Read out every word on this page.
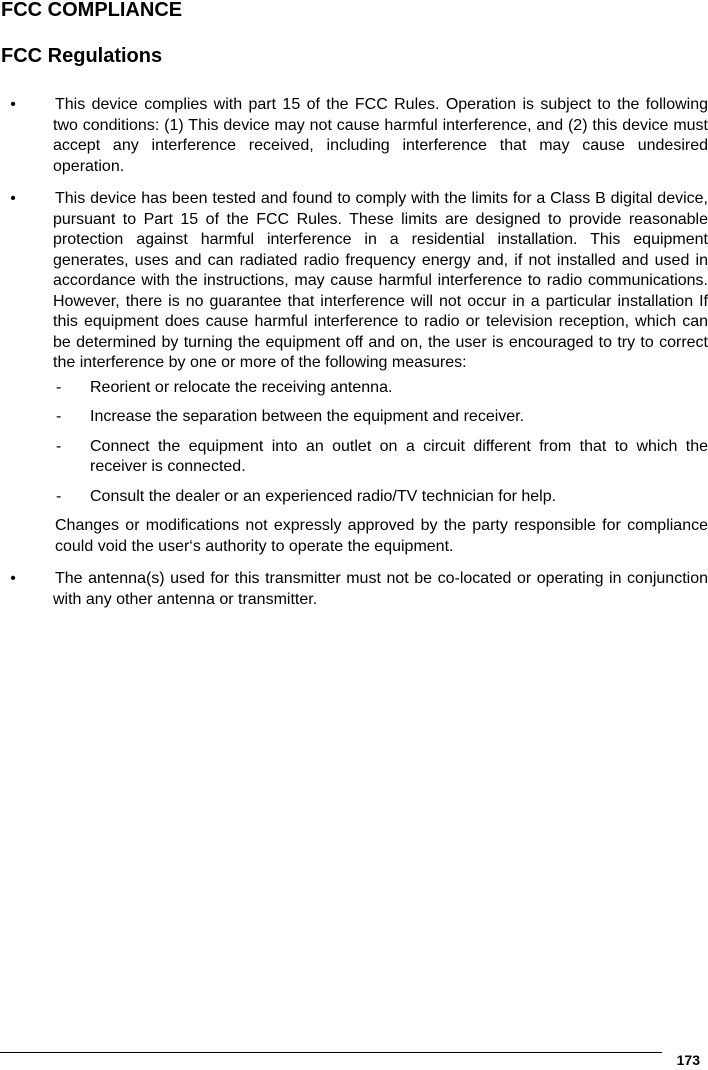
FCC COMPLIANCE
FCC Regulations
• This device complies with part 15 of the FCC Rules. Operation is subject to the following two conditions: (1) This device may not cause harmful interference, and (2) this device must accept any interference received, including interference that may cause undesired operation.
• This device has been tested and found to comply with the limits for a Class B digital device, pursuant to Part 15 of the FCC Rules. These limits are designed to provide reasonable protection against harmful interference in a residential installation. This equipment generates, uses and can radiated radio frequency energy and, if not installed and used in accordance with the instructions, may cause harmful interference to radio communications. However, there is no guarantee that interference will not occur in a particular installation If this equipment does cause harmful interference to radio or television reception, which can be determined by turning the equipment off and on, the user is encouraged to try to correct the interference by one or more of the following measures:
- Reorient or relocate the receiving antenna.
- Increase the separation between the equipment and receiver.
- Connect the equipment into an outlet on a circuit different from that to which the receiver is connected.
- Consult the dealer or an experienced radio/TV technician for help.
Changes or modifications not expressly approved by the party responsible for compliance could void the user‘s authority to operate the equipment.
• The antenna(s) used for this transmitter must not be co-located or operating in conjunction with any other antenna or transmitter.
173
